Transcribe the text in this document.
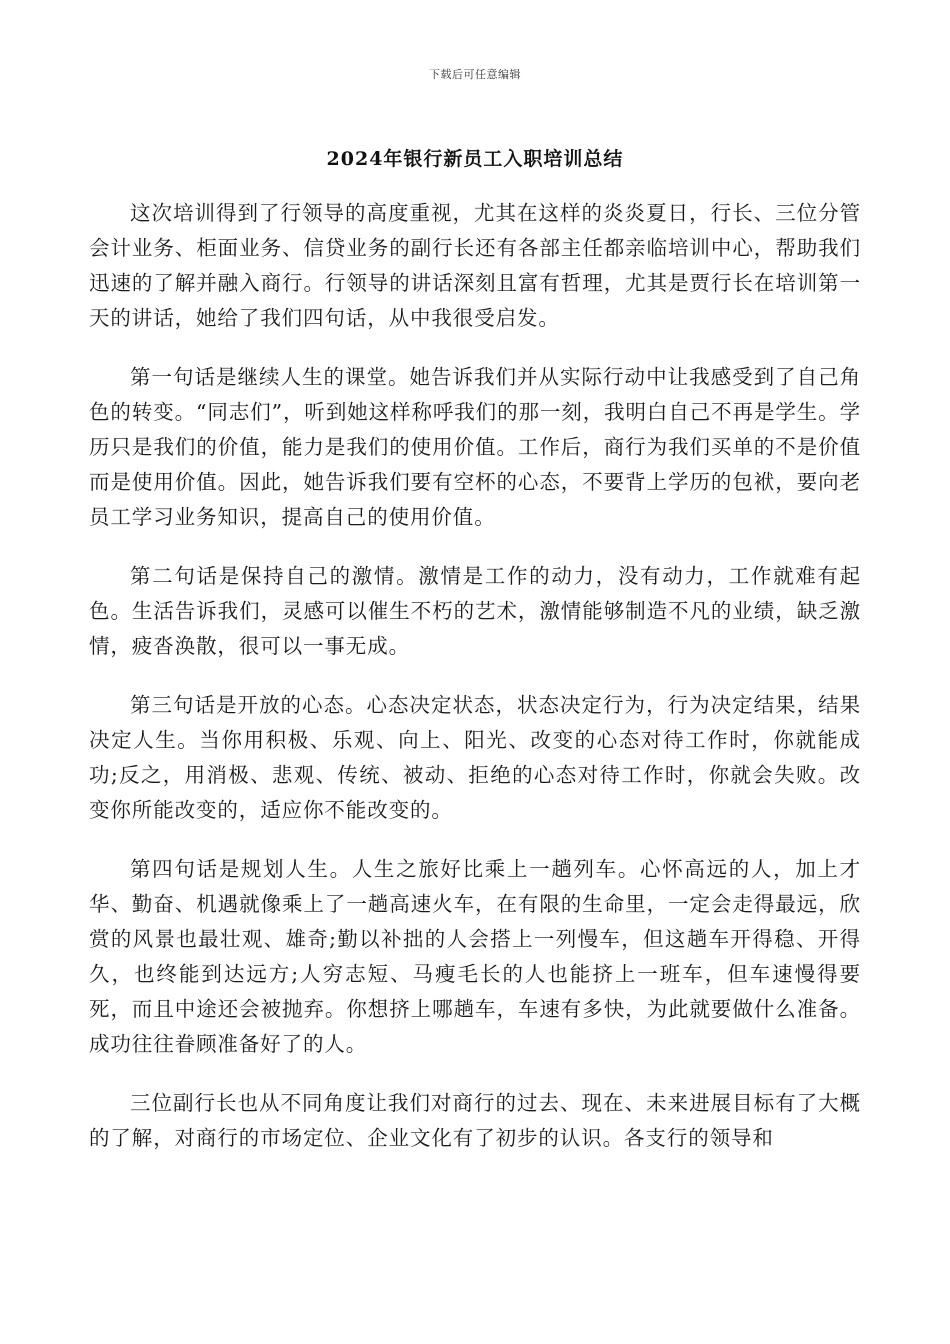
下载后可任意编辑
2024年银行新员工入职培训总结

这次培训得到了行领导的高度重视，尤其在这样的炎炎夏日，行长、三位分管会计业务、柜面业务、信贷业务的副行长还有各部主任都亲临培训中心，帮助我们迅速的了解并融入商行。行领导的讲话深刻且富有哲理，尤其是贾行长在培训第一天的讲话，她给了我们四句话，从中我很受启发。

第一句话是继续人生的课堂。她告诉我们并从实际行动中让我感受到了自己角色的转变。“同志们”，听到她这样称呼我们的那一刻，我明白自己不再是学生。学历只是我们的价值，能力是我们的使用价值。工作后，商行为我们买单的不是价值而是使用价值。因此，她告诉我们要有空杯的心态，不要背上学历的包袱，要向老员工学习业务知识，提高自己的使用价值。

第二句话是保持自己的激情。激情是工作的动力，没有动力，工作就难有起色。生活告诉我们，灵感可以催生不朽的艺术，激情能够制造不凡的业绩，缺乏激情，疲沓涣散，很可以一事无成。

第三句话是开放的心态。心态决定状态，状态决定行为，行为决定结果，结果决定人生。当你用积极、乐观、向上、阳光、改变的心态对待工作时，你就能成功;反之，用消极、悲观、传统、被动、拒绝的心态对待工作时，你就会失败。改变你所能改变的，适应你不能改变的。

第四句话是规划人生。人生之旅好比乘上一趟列车。心怀高远的人，加上才华、勤奋、机遇就像乘上了一趟高速火车，在有限的生命里，一定会走得最远，欣赏的风景也最壮观、雄奇;勤以补拙的人会搭上一列慢车，但这趟车开得稳、开得久，也终能到达远方;人穷志短、马瘦毛长的人也能挤上一班车，但车速慢得要死，而且中途还会被抛弃。你想挤上哪趟车，车速有多快，为此就要做什么准备。成功往往眷顾准备好了的人。

三位副行长也从不同角度让我们对商行的过去、现在、未来进展目标有了大概的了解，对商行的市场定位、企业文化有了初步的认识。各支行的领导和
